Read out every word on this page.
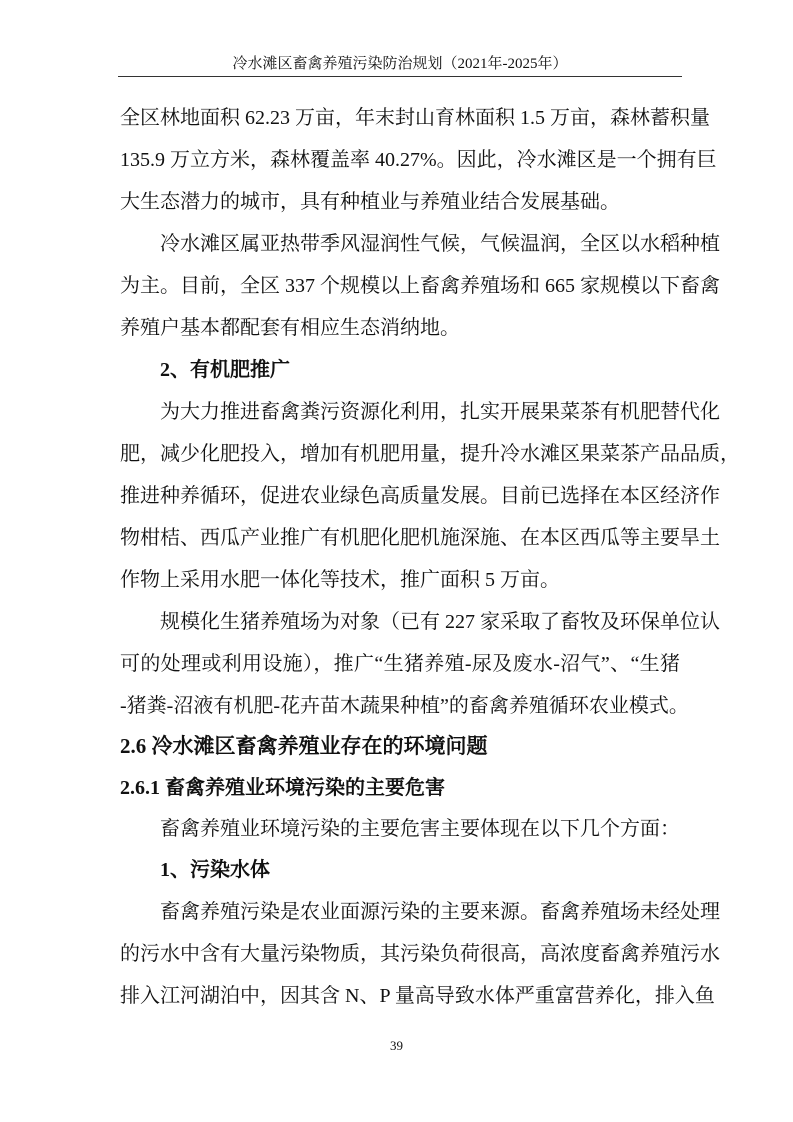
冷水滩区畜禽养殖污染防治规划（2021年-2025年）
全区林地面积 62.23 万亩，年末封山育林面积 1.5 万亩，森林蓄积量
135.9 万立方米，森林覆盖率 40.27%。因此，冷水滩区是一个拥有巨
大生态潜力的城市，具有种植业与养殖业结合发展基础。
冷水滩区属亚热带季风湿润性气候，气候温润，全区以水稻种植
为主。目前，全区 337 个规模以上畜禽养殖场和 665 家规模以下畜禽
养殖户基本都配套有相应生态消纳地。
2、有机肥推广
为大力推进畜禽粪污资源化利用，扎实开展果菜茶有机肥替代化
肥，减少化肥投入，增加有机肥用量，提升冷水滩区果菜茶产品品质，
推进种养循环，促进农业绿色高质量发展。目前已选择在本区经济作
物柑桔、西瓜产业推广有机肥化肥机施深施、在本区西瓜等主要旱土
作物上采用水肥一体化等技术，推广面积 5 万亩。
规模化生猪养殖场为对象（已有 227 家采取了畜牧及环保单位认
可的处理或利用设施），推广“生猪养殖-尿及废水-沼气”、“生猪
-猪粪-沼液有机肥-花卉苗木蔬果种植”的畜禽养殖循环农业模式。
2.6 冷水滩区畜禽养殖业存在的环境问题
2.6.1 畜禽养殖业环境污染的主要危害
畜禽养殖业环境污染的主要危害主要体现在以下几个方面：
1、污染水体
畜禽养殖污染是农业面源污染的主要来源。畜禽养殖场未经处理
的污水中含有大量污染物质，其污染负荷很高，高浓度畜禽养殖污水
排入江河湖泊中，因其含 N、P 量高导致水体严重富营养化，排入鱼
39
